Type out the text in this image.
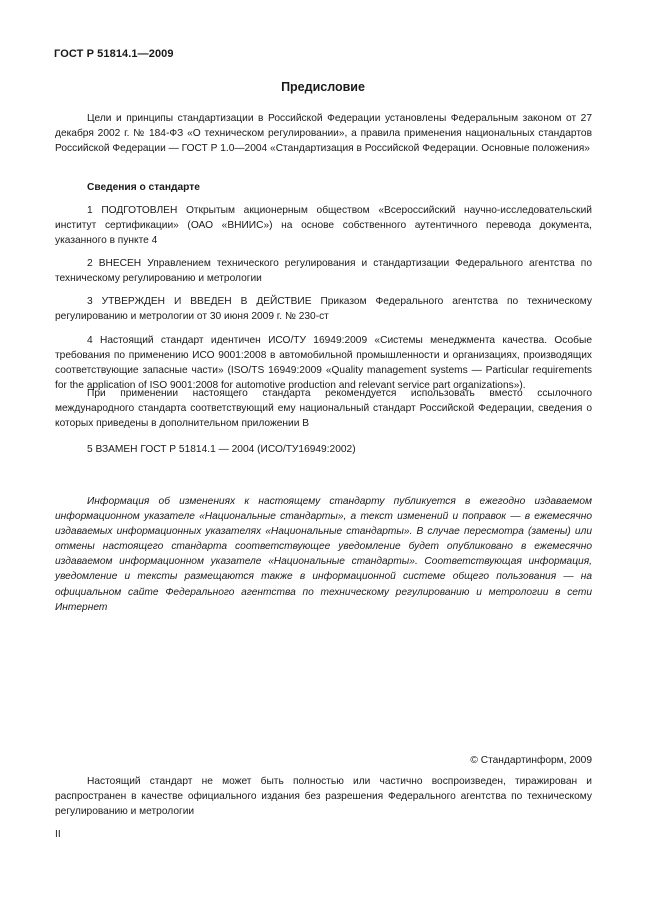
ГОСТ Р 51814.1—2009
Предисловие

Цели и принципы стандартизации в Российской Федерации установлены Федеральным законом от 27 декабря 2002 г. № 184-ФЗ «О техническом регулировании», а правила применения национальных стандартов Российской Федерации — ГОСТ Р 1.0—2004 «Стандартизация в Российской Федерации. Основные положения»

Сведения о стандарте

1 ПОДГОТОВЛЕН Открытым акционерным обществом «Всероссийский научно-исследовательский институт сертификации» (ОАО «ВНИИС») на основе собственного аутентичного перевода документа, указанного в пункте 4

2 ВНЕСЕН Управлением технического регулирования и стандартизации Федерального агентства по техническому регулированию и метрологии

3 УТВЕРЖДЕН И ВВЕДЕН В ДЕЙСТВИЕ Приказом Федерального агентства по техническому регулированию и метрологии от 30 июня 2009 г. № 230-ст

4 Настоящий стандарт идентичен ИСО/ТУ 16949:2009 «Системы менеджмента качества. Особые требования по применению ИСО 9001:2008 в автомобильной промышленности и организациях, производящих соответствующие запасные части» (ISO/TS 16949:2009 «Quality management systems — Particular requirements for the application of ISO 9001:2008 for automotive production and relevant service part organizations»).

При применении настоящего стандарта рекомендуется использовать вместо ссылочного международного стандарта соответствующий ему национальный стандарт Российской Федерации, сведения о которых приведены в дополнительном приложении В

5 ВЗАМЕН ГОСТ Р 51814.1 — 2004 (ИСО/ТУ16949:2002)

Информация об изменениях к настоящему стандарту публикуется в ежегодно издаваемом информационном указателе «Национальные стандарты», а текст изменений и поправок — в ежемесячно издаваемых информационных указателях «Национальные стандарты». В случае пересмотра (замены) или отмены настоящего стандарта соответствующее уведомление будет опубликовано в ежемесячно издаваемом информационном указателе «Национальные стандарты». Соответствующая информация, уведомление и тексты размещаются также в информационной системе общего пользования — на официальном сайте Федерального агентства по техническому регулированию и метрологии в сети Интернет

© Стандартинформ, 2009

Настоящий стандарт не может быть полностью или частично воспроизведен, тиражирован и распространен в качестве официального издания без разрешения Федерального агентства по техническому регулированию и метрологии

II
